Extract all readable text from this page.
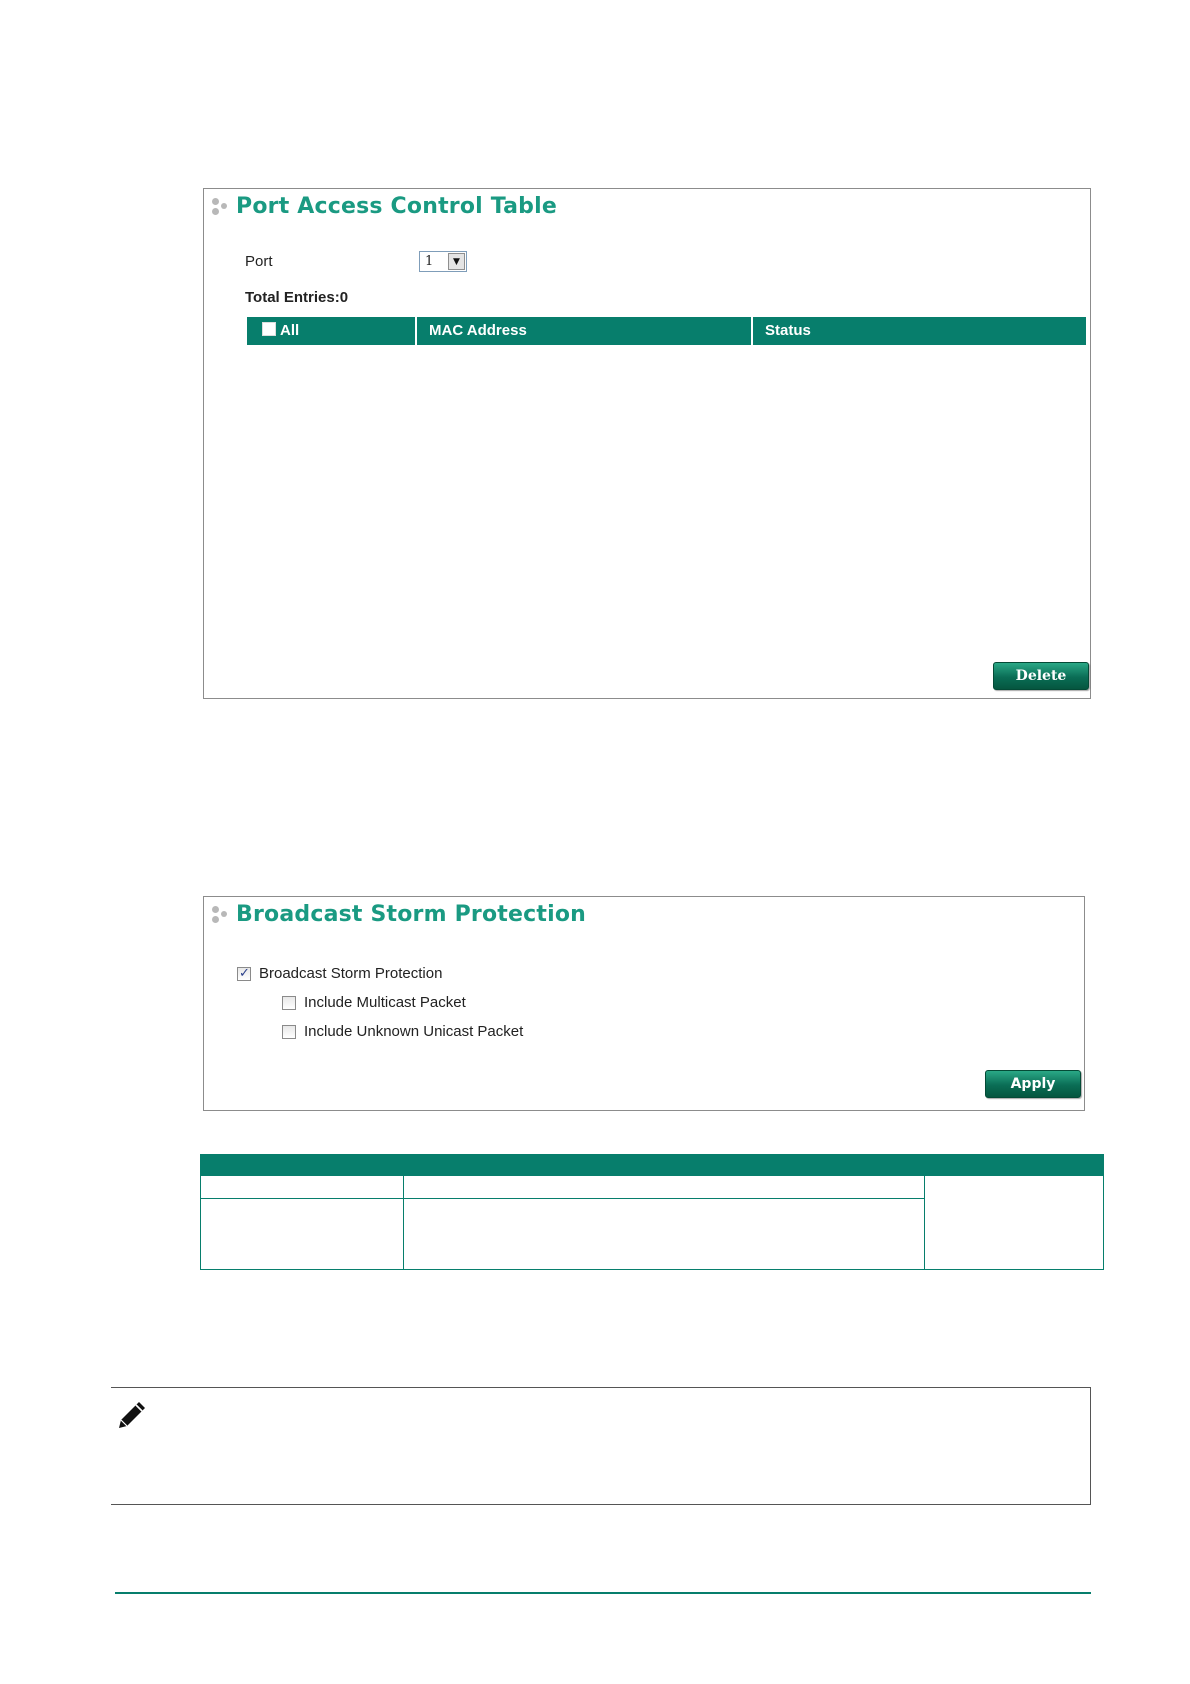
Port Access Control Table
Port	1	▼
Total Entries:0
All	MAC Address	Status
Delete
Broadcast Storm Protection
✓
Broadcast Storm Protection
Include Multicast Packet
Include Unknown Unicast Packet
Apply
